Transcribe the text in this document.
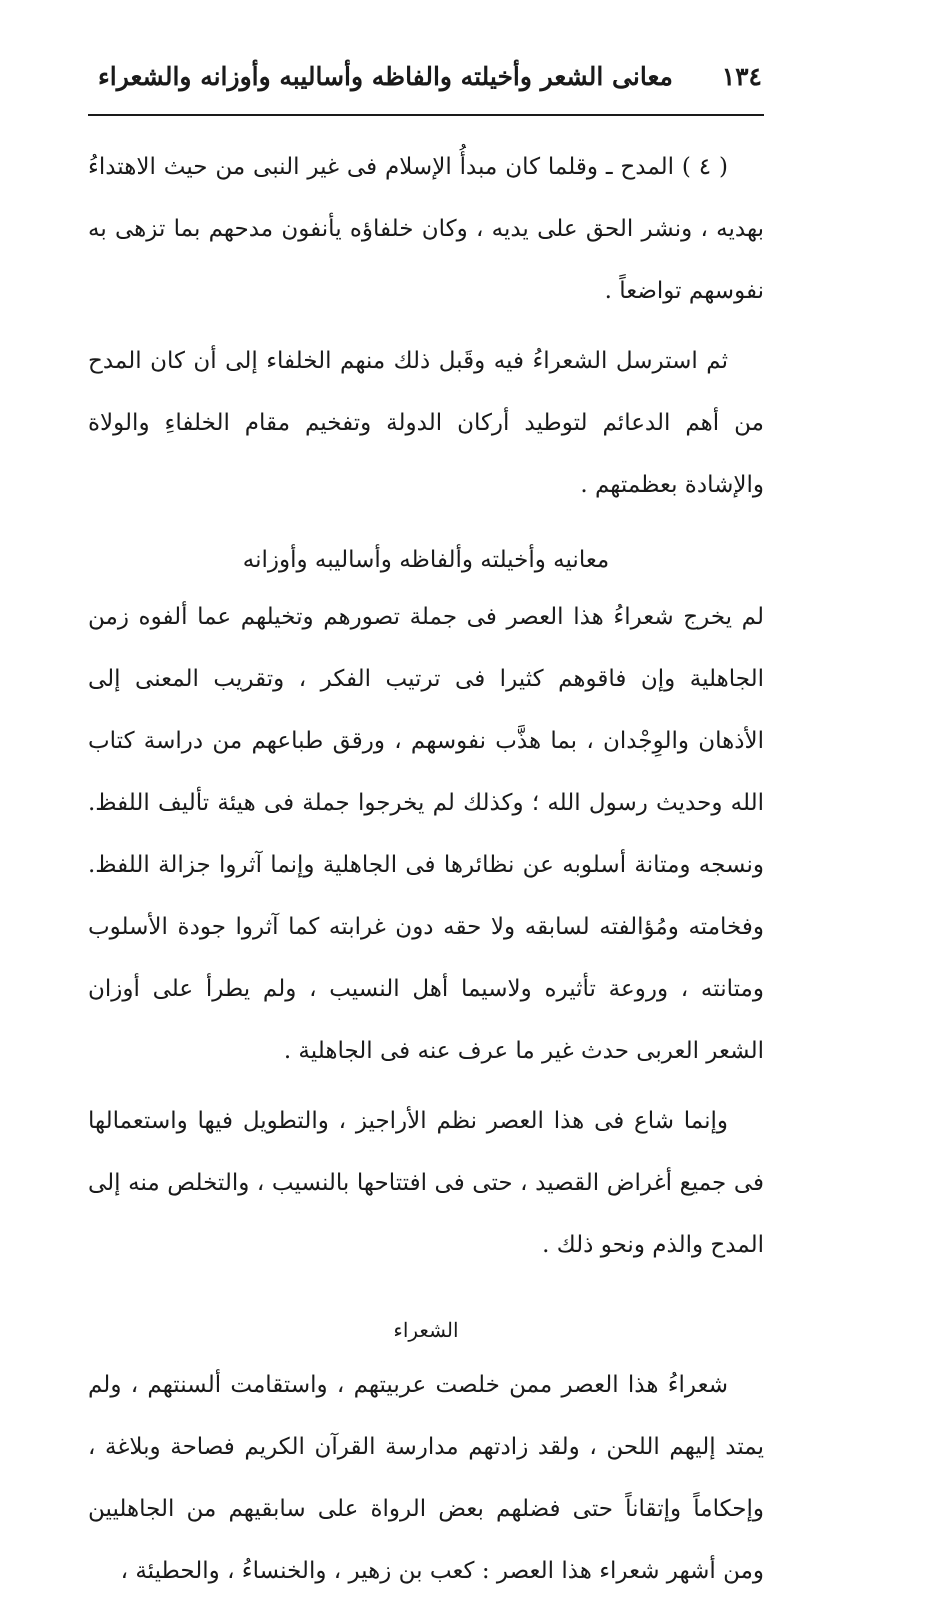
١٣٤
معانى الشعر وأخيلته والفاظه وأساليبه وأوزانه والشعراء

( ٤ ) المدح ـ وقلما كان مبدأُ الإسلام فى غير النبى من حيث الاهتداءُ بهديه ، ونشر الحق على يديه ، وكان خلفاؤه يأنفون مدحهم بما تزهى به نفوسهم تواضعاً .

ثم استرسل الشعراءُ فيه وقَبل ذلك منهم الخلفاء إلى أن كان المدح من أهم الدعائم لتوطيد أركان الدولة وتفخيم مقام الخلفاءِ والولاة والإشادة بعظمتهم .

معانيه وأخيلته وألفاظه وأساليبه وأوزانه

لم يخرج شعراءُ هذا العصر فى جملة تصورهم وتخيلهم عما ألفوه زمن الجاهلية وإن فاقوهم كثيرا فى ترتيب الفكر ، وتقريب المعنى إلى الأذهان والوِجْدان ، بما هذَّب نفوسهم ، ورقق طباعهم من دراسة كتاب الله وحديث رسول الله ؛ وكذلك لم يخرجوا جملة فى هيئة تأليف اللفظ. ونسجه ومتانة أسلوبه عن نظائرها فى الجاهلية وإنما آثروا جزالة اللفظ. وفخامته ومُؤالفته لسابقه ولا حقه دون غرابته كما آثروا جودة الأسلوب ومتانته ، وروعة تأثيره ولاسيما أهل النسيب ، ولم يطرأ على أوزان الشعر العربى حدث غير ما عرف عنه فى الجاهلية .

وإنما شاع فى هذا العصر نظم الأراجيز ، والتطويل فيها واستعمالها فى جميع أغراض القصيد ، حتى فى افتتاحها بالنسيب ، والتخلص منه إلى المدح والذم ونحو ذلك .

الشعراء

شعراءُ هذا العصر ممن خلصت عربيتهم ، واستقامت ألسنتهم ، ولم يمتد إليهم اللحن ، ولقد زادتهم مدارسة القرآن الكريم فصاحة وبلاغة ، وإحكاماً وإتقاناً حتى فضلهم بعض الرواة على سابقيهم من الجاهليين ومن أشهر شعراء هذا العصر : كعب بن زهير ، والخنساءُ ، والحطيئة ،
